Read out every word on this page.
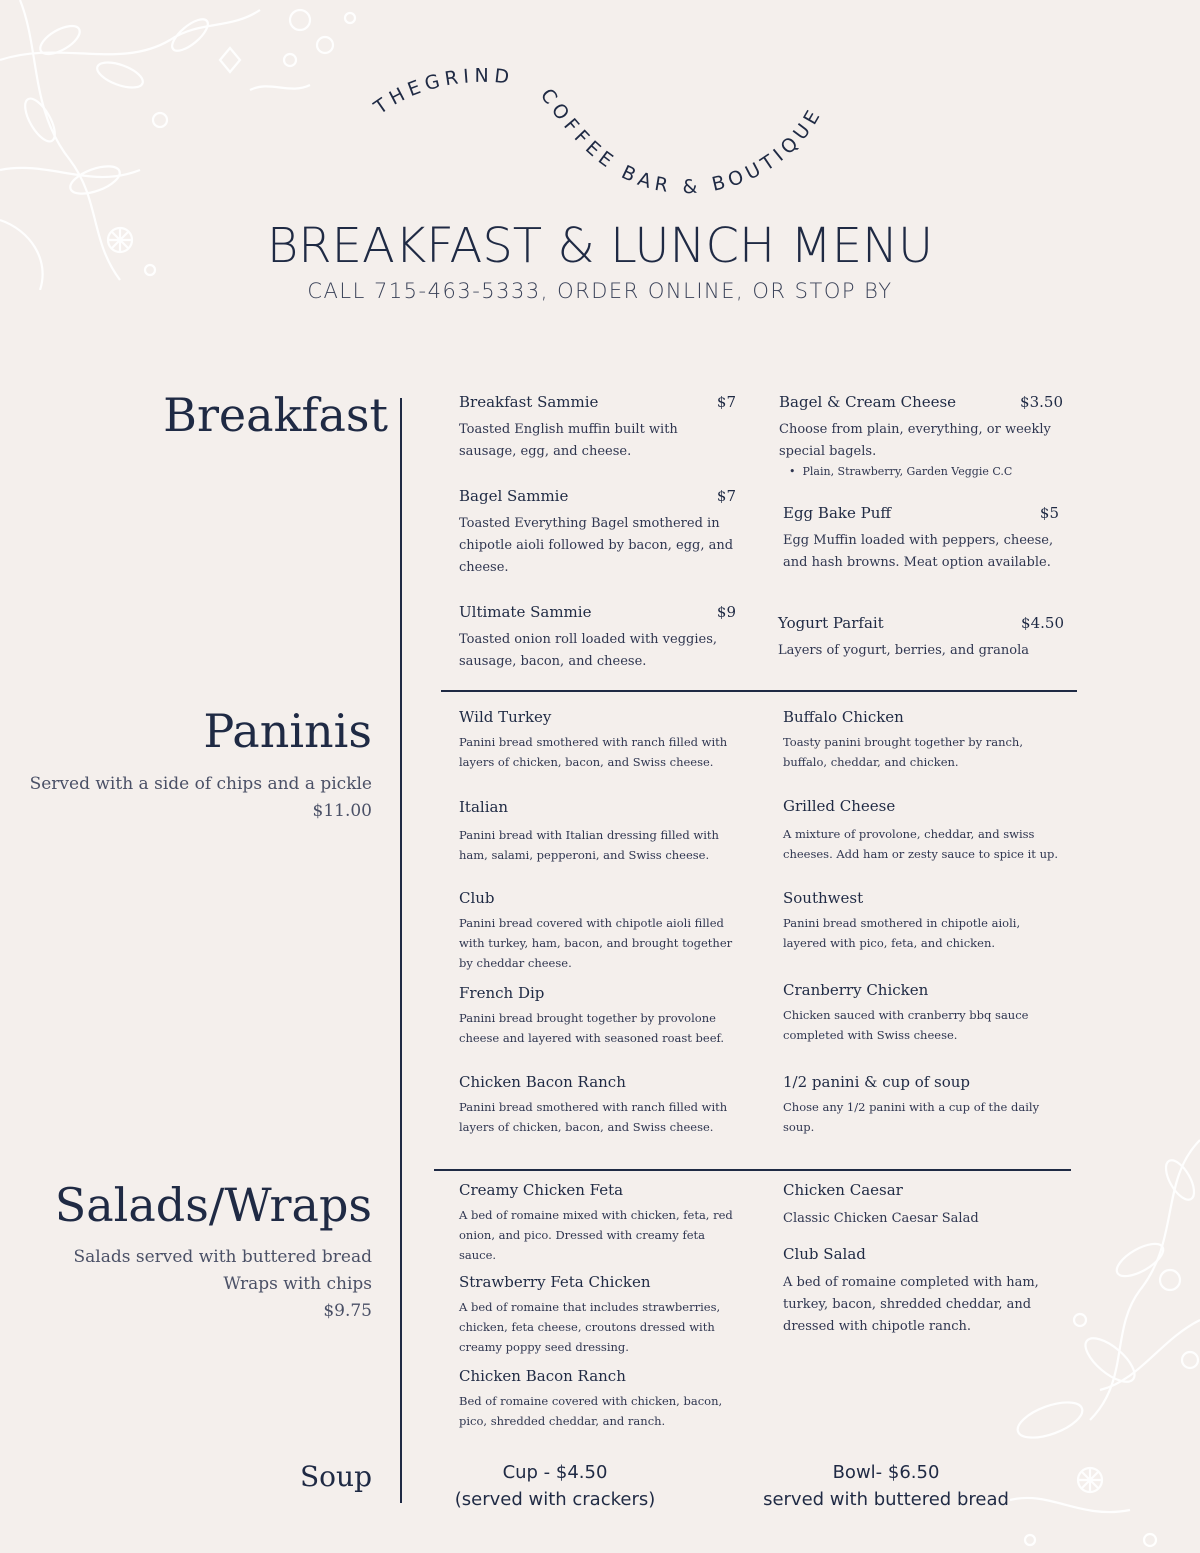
THEGRIND
COFFEE BAR & BOUTIQUE
BREAKFAST & LUNCH MENU
CALL 715-463-5333, ORDER ONLINE, OR STOP BY
Breakfast	Breakfast Sammie	$7
Toasted English muffin built with sausage, egg, and cheese.
Bagel Sammie	$7
Toasted Everything Bagel smothered in chipotle aioli followed by bacon, egg, and cheese.
Ultimate Sammie	$9
Toasted onion roll loaded with veggies, sausage, bacon, and cheese.
Bagel & Cream Cheese	$3.50
Choose from plain, everything, or weekly special bagels.
•  Plain, Strawberry, Garden Veggie C.C
Egg Bake Puff	$5
Egg Muffin loaded with peppers, cheese, and hash browns. Meat option available.
Yogurt Parfait	$4.50
Layers of yogurt, berries, and granola
Paninis
Served with a side of chips and a pickle
$11.00
Wild Turkey
Panini bread smothered with ranch filled with layers of chicken, bacon, and Swiss cheese.
Italian
Panini bread with Italian dressing filled with ham, salami, pepperoni, and Swiss cheese.
Club
Panini bread covered with chipotle aioli filled with turkey, ham, bacon, and brought together by cheddar cheese.
French Dip
Panini bread brought together by provolone cheese and layered with seasoned roast beef.
Chicken Bacon Ranch
Panini bread smothered with ranch filled with layers of chicken, bacon, and Swiss cheese.
Buffalo Chicken
Toasty panini brought together by ranch, buffalo, cheddar, and chicken.
Grilled Cheese
A mixture of provolone, cheddar, and swiss cheeses. Add ham or zesty sauce to spice it up.
Southwest
Panini bread smothered in chipotle aioli, layered with pico, feta, and chicken.
Cranberry Chicken
Chicken sauced with cranberry bbq sauce completed with Swiss cheese.
1/2 panini & cup of soup
Chose any 1/2 panini with a cup of the daily soup.
Salads/Wraps
Salads served with buttered bread
Wraps with chips
$9.75
Creamy Chicken Feta
A bed of romaine mixed with chicken, feta, red onion, and pico. Dressed with creamy feta sauce.
Strawberry Feta Chicken
A bed of romaine that includes strawberries, chicken, feta cheese, croutons dressed with creamy poppy seed dressing.
Chicken Bacon Ranch
Bed of romaine covered with chicken, bacon, pico, shredded cheddar, and ranch.
Chicken Caesar
Classic Chicken Caesar Salad
Club Salad
A bed of romaine completed with ham, turkey, bacon, shredded cheddar, and dressed with chipotle ranch.
Soup	Cup - $4.50
(served with crackers)
Bowl- $6.50
served with buttered bread
